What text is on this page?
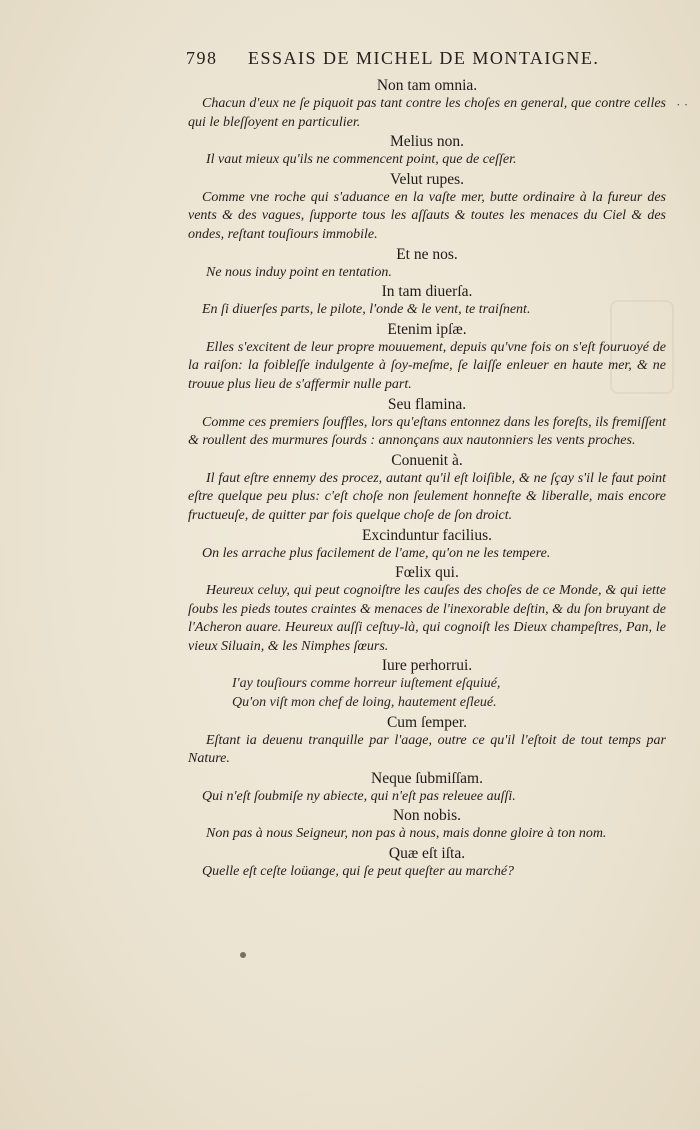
798 ESSAIS DE MICHEL DE MONTAIGNE.
· ·

Non tam omnia.

Chacun d'eux ne ſe piquoit pas tant contre les choſes en general, que contre celles qui le bleſſoyent en particulier.

Melius non.

Il vaut mieux qu'ils ne commencent point, que de ceſſer.

Velut rupes.

Comme vne roche qui s'aduance en la vaſte mer, butte ordinaire à la fureur des vents & des vagues, ſupporte tous les aſſauts & toutes les menaces du Ciel & des ondes, reſtant touſiours immobile.

Et ne nos.

Ne nous induy point en tentation.

In tam diuerſa.

En ſi diuerſes parts, le pilote, l'onde & le vent, te traiſnent.

Etenim ipſæ.

Elles s'excitent de leur propre mouuement, depuis qu'vne fois on s'eſt fouruoyé de la raiſon: la foibleſſe indulgente à ſoy-meſme, ſe laiſſe enleuer en haute mer, & ne trouue plus lieu de s'affermir nulle part.

Seu flamina.

Comme ces premiers ſouffles, lors qu'eſtans entonnez dans les foreſts, ils fremiſſent & roullent des murmures ſourds : annonçans aux nautonniers les vents proches.

Conuenit à.

Il faut eſtre ennemy des procez, autant qu'il eſt loiſible, & ne ſçay s'il le faut point eſtre quelque peu plus: c'eſt choſe non ſeulement honneſte & liberalle, mais encore fructueuſe, de quitter par fois quelque choſe de ſon droict.

Excinduntur facilius.

On les arrache plus facilement de l'ame, qu'on ne les tempere.

Fœlix qui.

Heureux celuy, qui peut cognoiſtre les cauſes des choſes de ce Monde, & qui iette ſoubs les pieds toutes craintes & menaces de l'inexorable deſtin, & du ſon bruyant de l'Acheron auare. Heureux auſſi ceſtuy-là, qui cognoiſt les Dieux champeſtres, Pan, le vieux Siluain, & les Nimphes ſœurs.

Iure perhorrui.

I'ay touſiours comme horreur iuſtement eſquiué,

Qu'on viſt mon chef de loing, hautement eſleué.

Cum ſemper.

Eſtant ia deuenu tranquille par l'aage, outre ce qu'il l'eſtoit de tout temps par Nature.

Neque ſubmiſſam.

Qui n'eſt ſoubmiſe ny abiecte, qui n'eſt pas releuee auſſi.

Non nobis.

Non pas à nous Seigneur, non pas à nous, mais donne gloire à ton nom.

Quæ eſt iſta.

Quelle eſt ceſte loüange, qui ſe peut queſter au marché?
